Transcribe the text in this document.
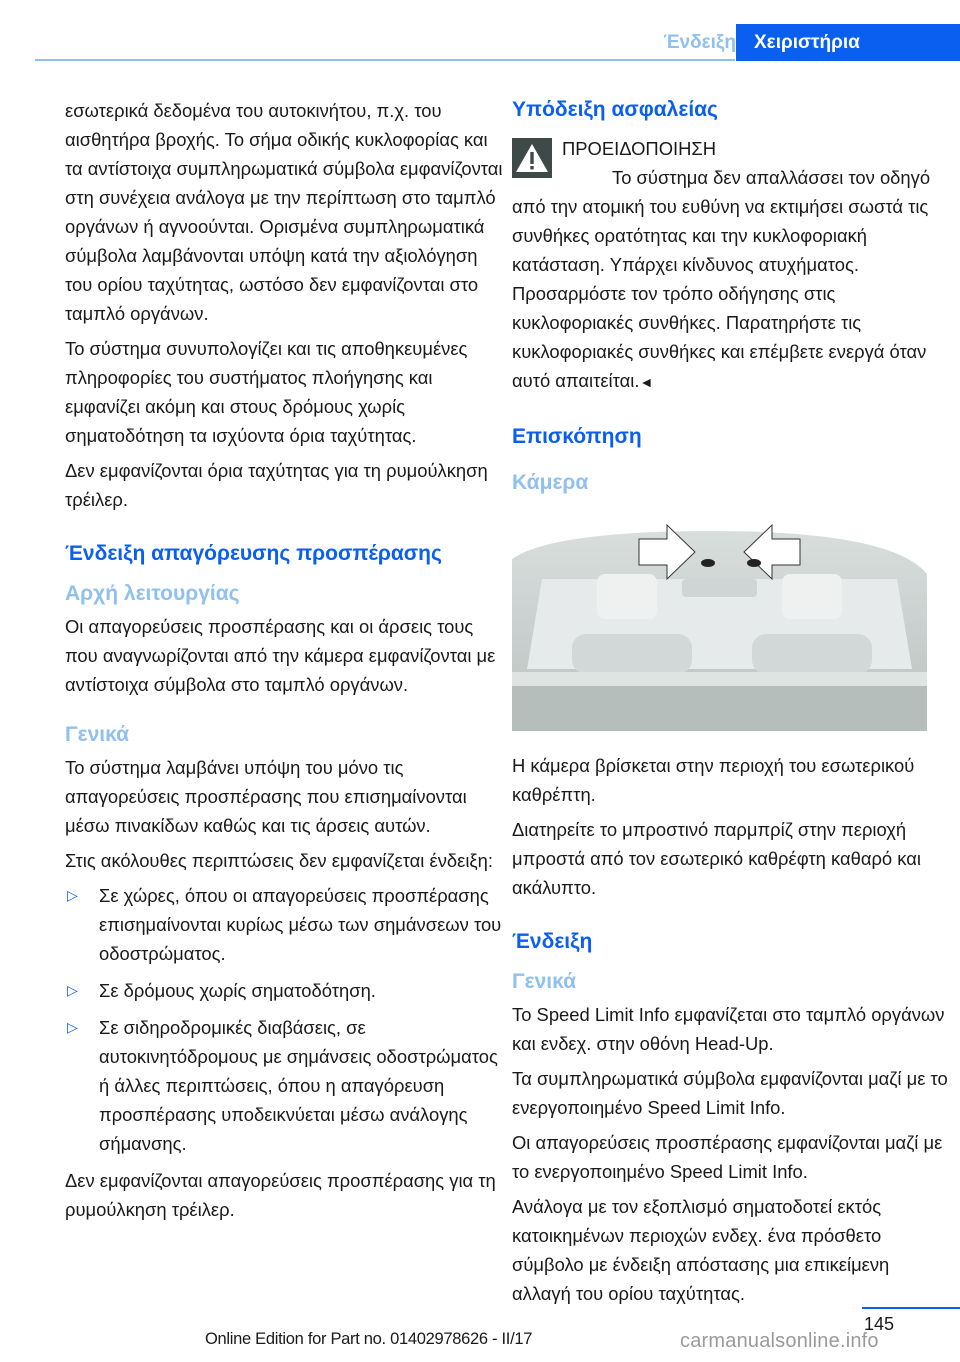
Ένδειξη Χειριστήρια

εσωτερικά δεδομένα του αυτοκινήτου, π.χ. του αισθητήρα βροχής. Το σήμα οδικής κυκλοφορίας και τα αντίστοιχα συμπληρωματικά σύμβολα εμφανίζονται στη συνέχεια ανάλογα με την περίπτωση στο ταμπλό οργάνων ή αγνοούνται. Ορισμένα συμπληρωματικά σύμβολα λαμβάνονται υπόψη κατά την αξιολόγηση του ορίου ταχύτητας, ωστόσο δεν εμφανίζονται στο ταμπλό οργάνων.

Το σύστημα συνυπολογίζει και τις αποθηκευμένες πληροφορίες του συστήματος πλοήγησης και εμφανίζει ακόμη και στους δρόμους χωρίς σηματοδότηση τα ισχύοντα όρια ταχύτητας.

Δεν εμφανίζονται όρια ταχύτητας για τη ρυμούλκηση τρέιλερ.

Ένδειξη απαγόρευσης προσπέρασης
Αρχή λειτουργίας

Οι απαγορεύσεις προσπέρασης και οι άρσεις τους που αναγνωρίζονται από την κάμερα εμφανίζονται με αντίστοιχα σύμβολα στο ταμπλό οργάνων.

Γενικά

Το σύστημα λαμβάνει υπόψη του μόνο τις απαγορεύσεις προσπέρασης που επισημαίνονται μέσω πινακίδων καθώς και τις άρσεις αυτών.

Στις ακόλουθες περιπτώσεις δεν εμφανίζεται ένδειξη:

▷ Σε χώρες, όπου οι απαγορεύσεις προσπέρασης επισημαίνονται κυρίως μέσω των σημάνσεων του οδοστρώματος.
▷ Σε δρόμους χωρίς σηματοδότηση.
▷ Σε σιδηροδρομικές διαβάσεις, σε αυτοκινητόδρομους με σημάνσεις οδοστρώματος ή άλλες περιπτώσεις, όπου η απαγόρευση προσπέρασης υποδεικνύεται μέσω ανάλογης σήμανσης.

Δεν εμφανίζονται απαγορεύσεις προσπέρασης για τη ρυμούλκηση τρέιλερ.

Υπόδειξη ασφαλείας
ΠΡΟΕΙΔΟΠΟΙΗΣΗ

Το σύστημα δεν απαλλάσσει τον οδηγό από την ατομική του ευθύνη να εκτιμήσει σωστά τις συνθήκες ορατότητας και την κυκλοφοριακή κατάσταση. Υπάρχει κίνδυνος ατυχήματος. Προσαρμόστε τον τρόπο οδήγησης στις κυκλοφοριακές συνθήκες. Παρατηρήστε τις κυκλοφοριακές συνθήκες και επέμβετε ενεργά όταν αυτό απαιτείται.◄

Επισκόπηση
Κάμερα

Η κάμερα βρίσκεται στην περιοχή του εσωτερικού καθρέπτη.

Διατηρείτε το μπροστινό παρμπρίζ στην περιοχή μπροστά από τον εσωτερικό καθρέφτη καθαρό και ακάλυπτο.

Ένδειξη
Γενικά

Το Speed Limit Info εμφανίζεται στο ταμπλό οργάνων και ενδεχ. στην οθόνη Head-Up.

Τα συμπληρωματικά σύμβολα εμφανίζονται μαζί με το ενεργοποιημένο Speed Limit Info.

Οι απαγορεύσεις προσπέρασης εμφανίζονται μαζί με το ενεργοποιημένο Speed Limit Info.

Ανάλογα με τον εξοπλισμό σηματοδοτεί εκτός κατοικημένων περιοχών ενδεχ. ένα πρόσθετο σύμβολο με ένδειξη απόστασης μια επικείμενη αλλαγή του ορίου ταχύτητας.

145
Online Edition for Part no. 01402978626 - II/17	carmanualsonline.info
